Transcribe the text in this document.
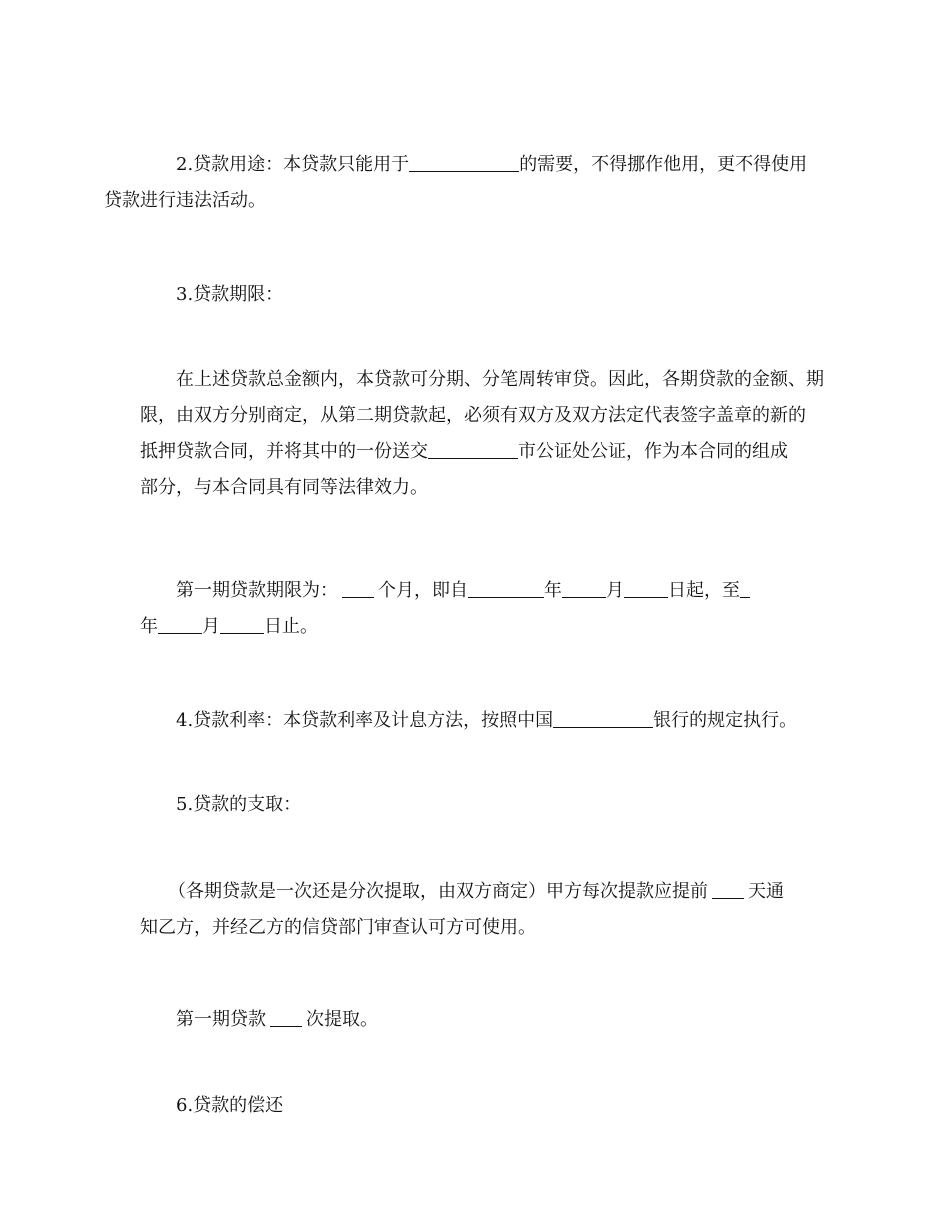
2.贷款用途：本贷款只能用于	的需要，不得挪作他用，更不得使用
贷款进行违法活动。
3.贷款期限：
在上述贷款总金额内，本贷款可分期、分笔周转审贷。因此，各期贷款的金额、期
限，由双方分别商定，从第二期贷款起，必须有双方及双方法定代表签字盖章的新的
抵押贷款合同，并将其中的一份送交	市公证处公证，作为本合同的组成
部分，与本合同具有同等法律效力。
第一期贷款期限为： 个月，即自	年 月 日起，至
年 月 日止。
4.贷款利率：本贷款利率及计息方法，按照中国	银行的规定执行。
5.贷款的支取：
（各期贷款是一次还是分次提取，由双方商定）甲方每次提款应提前 天通
知乙方，并经乙方的信贷部门审查认可方可使用。
第一期贷款 次提取。
6.贷款的偿还
